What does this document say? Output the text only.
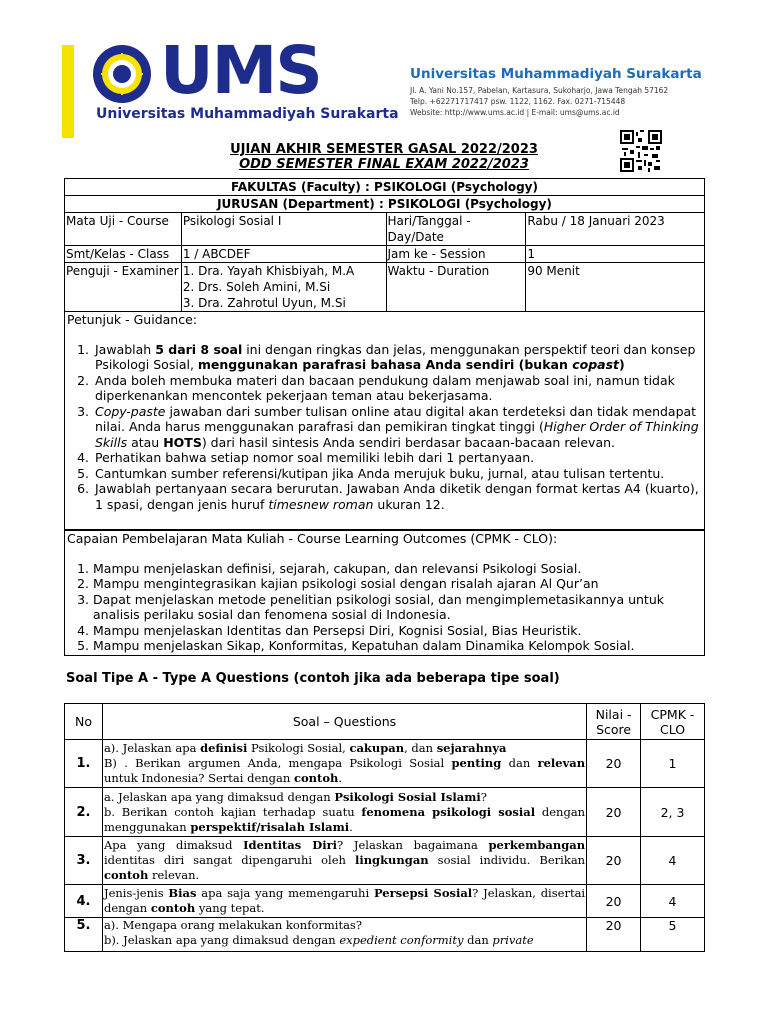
UMS
Universitas Muhammadiyah Surakarta
Universitas Muhammadiyah Surakarta
Jl. A. Yani No.157, Pabelan, Kartasura, Sukoharjo, Jawa Tengah 57162
Telp. +62271717417 psw. 1122, 1162. Fax. 0271-715448
Website: http://www.ums.ac.id | E-mail: ums@ums.ac.id
UJIAN AKHIR SEMESTER GASAL 2022/2023
ODD SEMESTER FINAL EXAM 2022/2023
FAKULTAS (Faculty) : PSIKOLOGI (Psychology)			
JURUSAN (Department) : PSIKOLOGI (Psychology)			
Mata Uji - Course	Psikologi Sosial I	Hari/Tanggal - Day/Date	Rabu / 18 Januari 2023
Smt/Kelas - Class	1 / ABCDEF	Jam ke - Session	1
Penguji - Examiner	1. Dra. Yayah Khisbiyah, M.A
2. Drs. Soleh Amini, M.Si
3. Dra. Zahrotul Uyun, M.Si	Waktu - Duration	90 Menit
Petunjuk - Guidance:
1. Jawablah 5 dari 8 soal ini dengan ringkas dan jelas, menggunakan perspektif teori dan konsep Psikologi Sosial, menggunakan parafrasi bahasa Anda sendiri (bukan copast)
2. Anda boleh membuka materi dan bacaan pendukung dalam menjawab soal ini, namun tidak diperkenankan mencontek pekerjaan teman atau bekerjasama.
3. Copy-paste jawaban dari sumber tulisan online atau digital akan terdeteksi dan tidak mendapat nilai. Anda harus menggunakan parafrasi dan pemikiran tingkat tinggi (Higher Order of Thinking Skills atau HOTS) dari hasil sintesis Anda sendiri berdasar bacaan-bacaan relevan.
4. Perhatikan bahwa setiap nomor soal memiliki lebih dari 1 pertanyaan.
5. Cantumkan sumber referensi/kutipan jika Anda merujuk buku, jurnal, atau tulisan tertentu.
6. Jawablah pertanyaan secara berurutan. Jawaban Anda diketik dengan format kertas A4 (kuarto), 1 spasi, dengan jenis huruf timesnew roman ukuran 12.
Capaian Pembelajaran Mata Kuliah - Course Learning Outcomes (CPMK - CLO):
1. Mampu menjelaskan definisi, sejarah, cakupan, dan relevansi Psikologi Sosial.
2. Mampu mengintegrasikan kajian psikologi sosial dengan risalah ajaran Al Qur’an
3. Dapat menjelaskan metode penelitian psikologi sosial, dan mengimplemetasikannya untuk analisis perilaku sosial dan fenomena sosial di Indonesia.
4. Mampu menjelaskan Identitas dan Persepsi Diri, Kognisi Sosial, Bias Heuristik.
5. Mampu menjelaskan Sikap, Konformitas, Kepatuhan dalam Dinamika Kelompok Sosial.
Soal Tipe A - Type A Questions (contoh jika ada beberapa tipe soal)
No	Soal – Questions	Nilai - Score	CPMK - CLO
1.	a). Jelaskan apa definisi Psikologi Sosial, cakupan, dan sejarahnya
B) . Berikan argumen Anda, mengapa Psikologi Sosial penting dan relevan untuk Indonesia? Sertai dengan contoh.	20	1
2.	a. Jelaskan apa yang dimaksud dengan Psikologi Sosial Islami?
b. Berikan contoh kajian terhadap suatu fenomena psikologi sosial dengan menggunakan perspektif/risalah Islami.	20	2, 3
3.	Apa yang dimaksud Identitas Diri? Jelaskan bagaimana perkembangan identitas diri sangat dipengaruhi oleh lingkungan sosial individu. Berikan contoh relevan.	20	4
4.	Jenis-jenis Bias apa saja yang memengaruhi Persepsi Sosial? Jelaskan, disertai dengan contoh yang tepat.	20	4
5.	a). Mengapa orang melakukan konformitas?
b). Jelaskan apa yang dimaksud dengan expedient conformity dan private	20	5
